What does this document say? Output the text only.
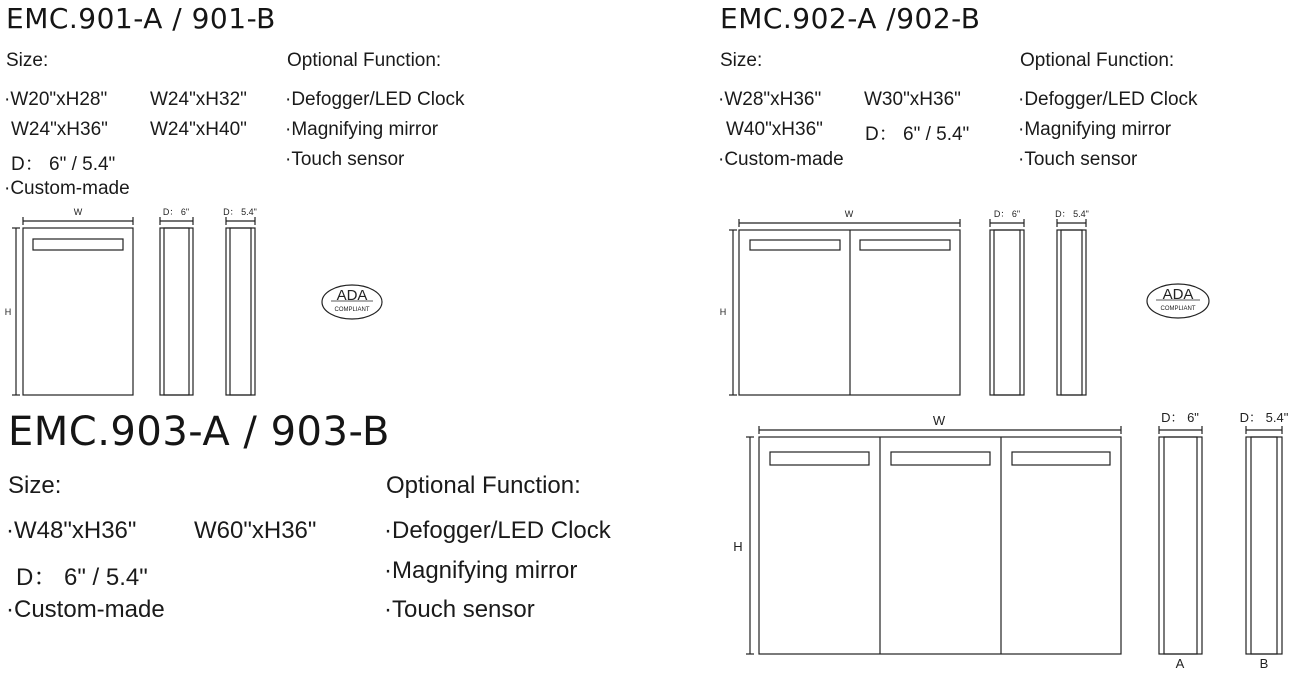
EMC.901-A / 901-B
Size:
·W20"xH28" W24"xH32"
W24"xH36" W24"xH40"
D： 6" / 5.4"
·Custom-made
Optional Function:
·Defogger/LED Clock
·Magnifying mirror
·Touch sensor
EMC.902-A /902-B
Size:
·W28"xH36" W30"xH36"
W40"xH36" D： 6" / 5.4"
·Custom-made
Optional Function:
·Defogger/LED Clock
·Magnifying mirror
·Touch sensor
EMC.903-A / 903-B
Size:
·W48"xH36" W60"xH36"
D： 6" / 5.4"
·Custom-made
Optional Function:
·Defogger/LED Clock
·Magnifying mirror
·Touch sensor
W
H
D： 6"	D： 5.4"	W
H
D： 6"	D： 5.4"
W
H
D： 6"	D： 5.4"
A	B
ADA
COMPLIANT
ADA
COMPLIANT
